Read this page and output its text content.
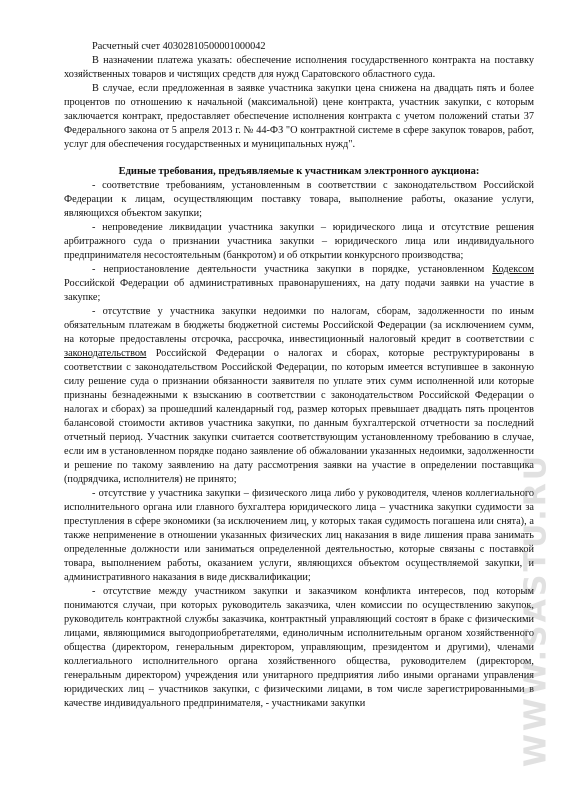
Расчетный счет 40302810500001000042

В назначении платежа указать: обеспечение исполнения государственного контракта на поставку хозяйственных товаров и чистящих средств для нужд Саратовского областного суда.

В случае, если предложенная в заявке участника закупки цена снижена на двадцать пять и более процентов по отношению к начальной (максимальной) цене контракта, участник закупки, с которым заключается контракт, предоставляет обеспечение исполнения контракта с учетом положений статьи 37 Федерального закона от 5 апреля 2013 г. № 44-ФЗ "О контрактной системе в сфере закупок товаров, работ, услуг для обеспечения государственных и муниципальных нужд".

Единые требования, предъявляемые к участникам электронного аукциона:

- соответствие требованиям, установленным в соответствии с законодательством Российской Федерации к лицам, осуществляющим поставку товара, выполнение работы, оказание услуги, являющихся объектом закупки;

- непроведение ликвидации участника закупки – юридического лица и отсутствие решения арбитражного суда о признании участника закупки – юридического лица или индивидуального предпринимателя несостоятельным (банкротом) и об открытии конкурсного производства;

- неприостановление деятельности участника закупки в порядке, установленном Кодексом Российской Федерации об административных правонарушениях, на дату подачи заявки на участие в закупке;

- отсутствие у участника закупки недоимки по налогам, сборам, задолженности по иным обязательным платежам в бюджеты бюджетной системы Российской Федерации (за исключением сумм, на которые предоставлены отсрочка, рассрочка, инвестиционный налоговый кредит в соответствии с законодательством Российской Федерации о налогах и сборах, которые реструктурированы в соответствии с законодательством Российской Федерации, по которым имеется вступившее в законную силу решение суда о признании обязанности заявителя по уплате этих сумм исполненной или которые признаны безнадежными к взысканию в соответствии с законодательством Российской Федерации о налогах и сборах) за прошедший календарный год, размер которых превышает двадцать пять процентов балансовой стоимости активов участника закупки, по данным бухгалтерской отчетности за последний отчетный период. Участник закупки считается соответствующим установленному требованию в случае, если им в установленном порядке подано заявление об обжаловании указанных недоимки, задолженности и решение по такому заявлению на дату рассмотрения заявки на участие в определении поставщика (подрядчика, исполнителя) не принято;

- отсутствие у участника закупки – физического лица либо у руководителя, членов коллегиального исполнительного органа или главного бухгалтера юридического лица – участника закупки судимости за преступления в сфере экономики (за исключением лиц, у которых такая судимость погашена или снята), а также неприменение в отношении указанных физических лиц наказания в виде лишения права занимать определенные должности или заниматься определенной деятельностью, которые связаны с поставкой товара, выполнением работы, оказанием услуги, являющихся объектом осуществляемой закупки, и административного наказания в виде дисквалификации;

- отсутствие между участником закупки и заказчиком конфликта интересов, под которым понимаются случаи, при которых руководитель заказчика, член комиссии по осуществлению закупок, руководитель контрактной службы заказчика, контрактный управляющий состоят в браке с физическими лицами, являющимися выгодоприобретателями, единоличным исполнительным органом хозяйственного общества (директором, генеральным директором, управляющим, президентом и другими), членами коллегиального исполнительного органа хозяйственного общества, руководителем (директором, генеральным директором) учреждения или унитарного предприятия либо иными органами управления юридических лиц – участников закупки, с физическими лицами, в том числе зарегистрированными в качестве индивидуального предпринимателя, - участниками закупки	WWW.SASTU.RU
